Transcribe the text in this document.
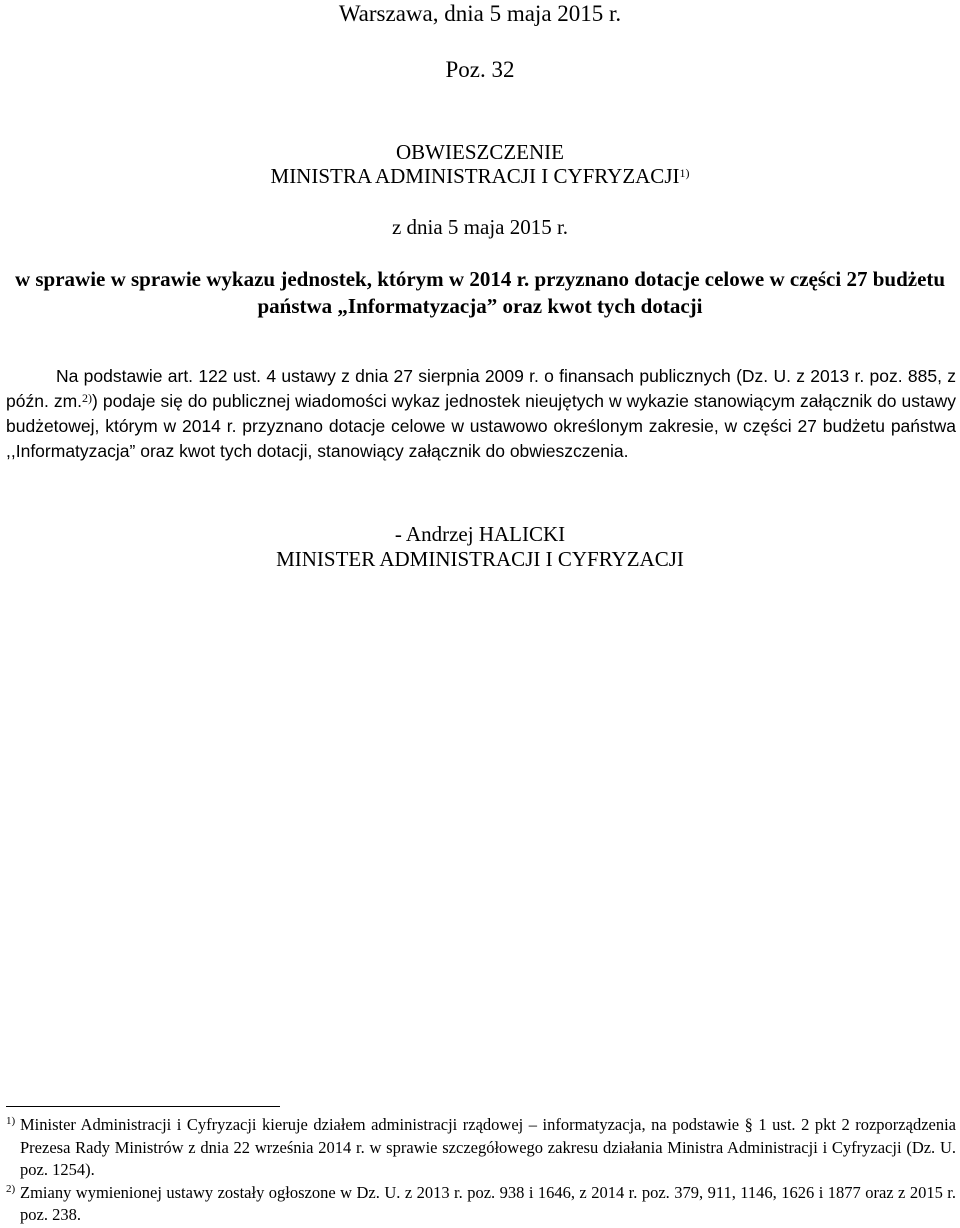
Warszawa, dnia 5 maja 2015 r.
Poz. 32
OBWIESZCZENIE
MINISTRA ADMINISTRACJI I CYFRYZACJI$^{1)}$
z dnia 5 maja 2015 r.
w sprawie w sprawie wykazu jednostek, którym w 2014 r. przyznano dotacje celowe w części 27 budżetu
państwa „Informatyzacja” oraz kwot tych dotacji
Na podstawie art. 122 ust. 4 ustawy z dnia 27 sierpnia 2009 r. o finansach publicznych (Dz. U. z 2013 r. poz. 885, z późn. zm.$^{2)}$) podaje się do publicznej wiadomości wykaz jednostek nieujętych w wykazie stanowiącym załącznik do ustawy budżetowej, którym w 2014 r. przyznano dotacje celowe w ustawowo określonym zakresie, w części 27 budżetu państwa ,,Informatyzacja” oraz kwot tych dotacji, stanowiący załącznik do obwieszczenia.
- Andrzej HALICKI
MINISTER ADMINISTRACJI I CYFRYZACJI
1) Minister Administracji i Cyfryzacji kieruje działem administracji rządowej – informatyzacja, na podstawie § 1 ust. 2 pkt 2 rozporządzenia Prezesa Rady Ministrów z dnia 22 września 2014 r. w sprawie szczegółowego zakresu działania Ministra Administracji i Cyfryzacji (Dz. U. poz. 1254).
2) Zmiany wymienionej ustawy zostały ogłoszone w Dz. U. z 2013 r. poz. 938 i 1646, z 2014 r. poz. 379, 911, 1146, 1626 i 1877 oraz z 2015 r. poz. 238.
